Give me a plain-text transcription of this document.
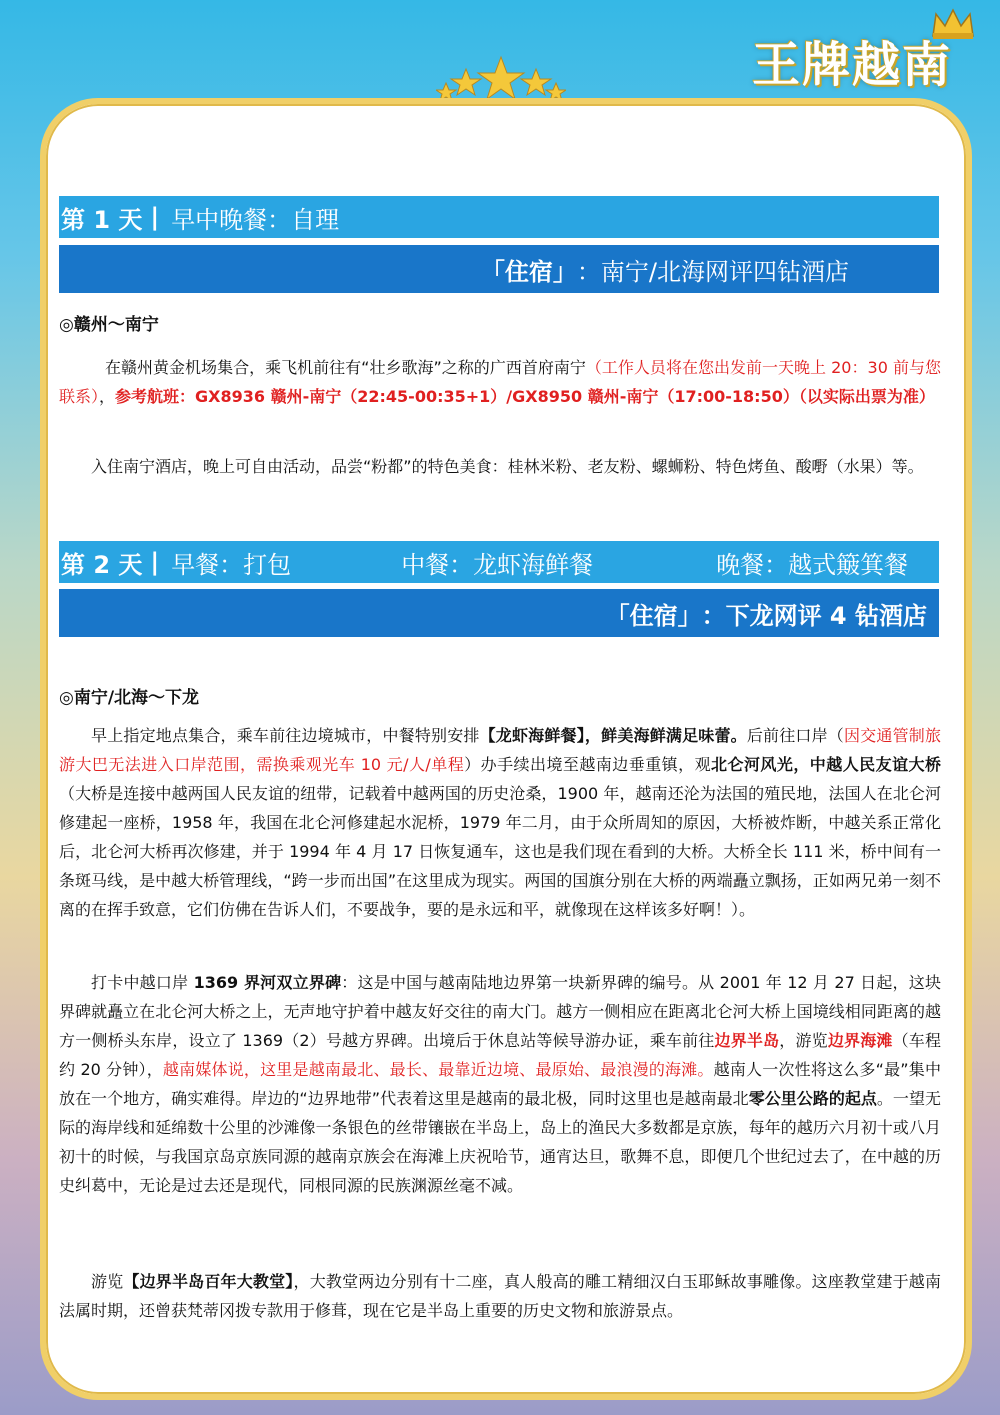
王牌越南
第 1 天 | 早中晚餐：自理
「住宿」 ：南宁/北海网评四钻酒店
◎赣州～南宁
在赣州黄金机场集合，乘飞机前往有“壮乡歌海”之称的广西首府南宁（工作人员将在您出发前一天晚上 20：30 前与您联系），参考航班：GX8936 赣州-南宁（22:45-00:35+1）/GX8950 赣州-南宁（17:00-18:50）（以实际出票为准）
入住南宁酒店，晚上可自由活动，品尝“粉都”的特色美食：桂林米粉、老友粉、螺蛳粉、特色烤鱼、酸嘢（水果）等。
第 2 天 | 早餐：打包	中餐：龙虾海鲜餐	晚餐：越式簸箕餐
「住宿」 ：下龙网评 4 钻酒店
◎南宁/北海～下龙
早上指定地点集合，乘车前往边境城市，中餐特别安排【龙虾海鲜餐】，鲜美海鲜满足味蕾。后前往口岸（因交通管制旅游大巴无法进入口岸范围，需换乘观光车 10 元/人/单程）办手续出境至越南边垂重镇，观北仑河风光，中越人民友谊大桥（大桥是连接中越两国人民友谊的纽带，记载着中越两国的历史沧桑，1900 年，越南还沦为法国的殖民地，法国人在北仑河修建起一座桥，1958 年，我国在北仑河修建起水泥桥，1979 年二月，由于众所周知的原因，大桥被炸断，中越关系正常化后，北仑河大桥再次修建，并于 1994 年 4 月 17 日恢复通车，这也是我们现在看到的大桥。大桥全长 111 米，桥中间有一条斑马线，是中越大桥管理线，“跨一步而出国”在这里成为现实。两国的国旗分别在大桥的两端矗立飘扬，正如两兄弟一刻不离的在挥手致意，它们仿佛在告诉人们，不要战争，要的是永远和平，就像现在这样该多好啊！）。
打卡中越口岸 1369 界河双立界碑：这是中国与越南陆地边界第一块新界碑的编号。从 2001 年 12 月 27 日起，这块界碑就矗立在北仑河大桥之上，无声地守护着中越友好交往的南大门。越方一侧相应在距离北仑河大桥上国境线相同距离的越方一侧桥头东岸，设立了 1369（2）号越方界碑。出境后于休息站等候导游办证，乘车前往边界半岛，游览边界海滩（车程约 20 分钟），越南媒体说，这里是越南最北、最长、最靠近边境、最原始、最浪漫的海滩。越南人一次性将这么多“最”集中放在一个地方，确实难得。岸边的“边界地带”代表着这里是越南的最北极，同时这里也是越南最北零公里公路的起点。一望无际的海岸线和延绵数十公里的沙滩像一条银色的丝带镶嵌在半岛上，岛上的渔民大多数都是京族，每年的越历六月初十或八月初十的时候，与我国京岛京族同源的越南京族会在海滩上庆祝哈节，通宵达旦，歌舞不息，即便几个世纪过去了，在中越的历史纠葛中，无论是过去还是现代，同根同源的民族渊源丝毫不减。
游览【边界半岛百年大教堂】，大教堂两边分别有十二座，真人般高的雕工精细汉白玉耶稣故事雕像。这座教堂建于越南法属时期，还曾获梵蒂冈拨专款用于修葺，现在它是半岛上重要的历史文物和旅游景点。
